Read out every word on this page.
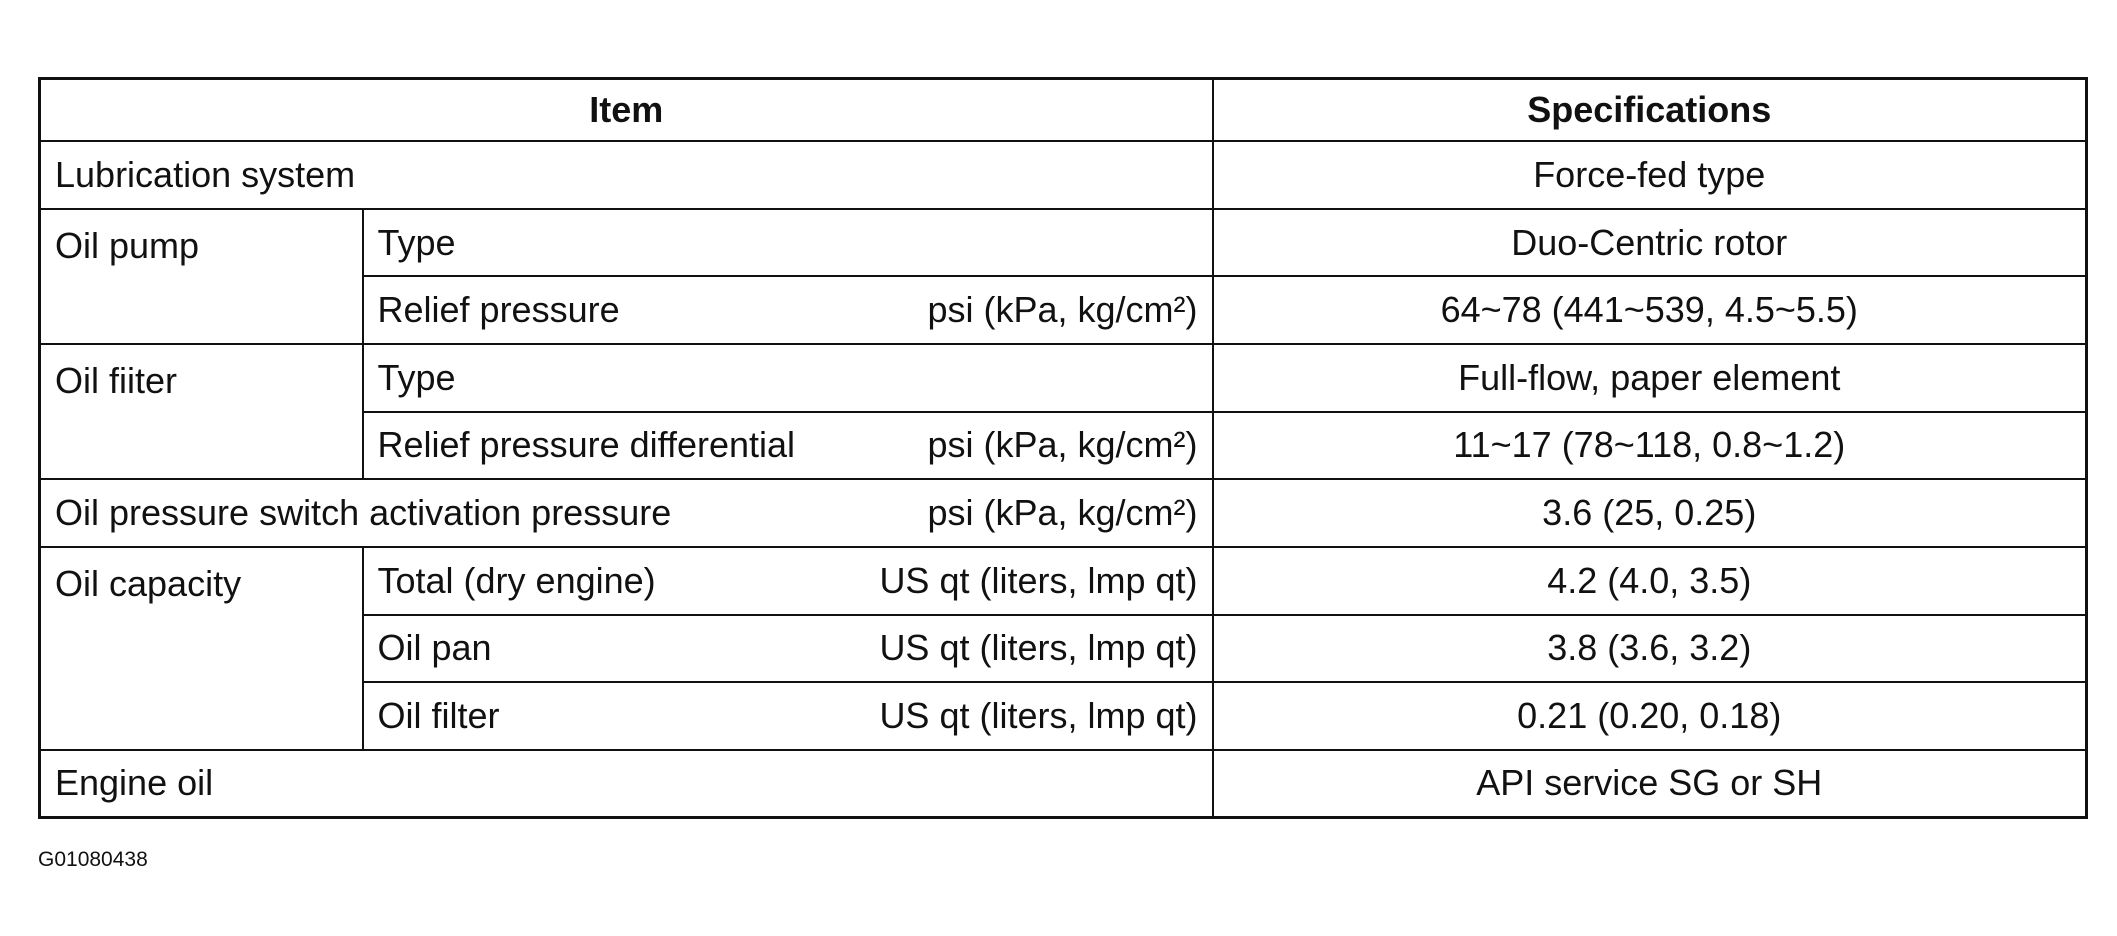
Item			Specifications
Lubrication system			Force-fed type
Oil pump	Type		Duo-Centric rotor
	Relief pressure	psi (kPa, kg/cm²)	64~78 (441~539, 4.5~5.5)
Oil fiiter	Type		Full-flow, paper element
	Relief pressure differential	psi (kPa, kg/cm²)	11~17 (78~118, 0.8~1.2)
Oil pressure switch activation pressure		psi (kPa, kg/cm²)	3.6 (25, 0.25)
Oil capacity	Total (dry engine)	US qt (liters, lmp qt)	4.2 (4.0, 3.5)
	Oil pan	US qt (liters, lmp qt)	3.8 (3.6, 3.2)
	Oil filter	US qt (liters, lmp qt)	0.21 (0.20, 0.18)
Engine oil			API service SG or SH
G01080438
